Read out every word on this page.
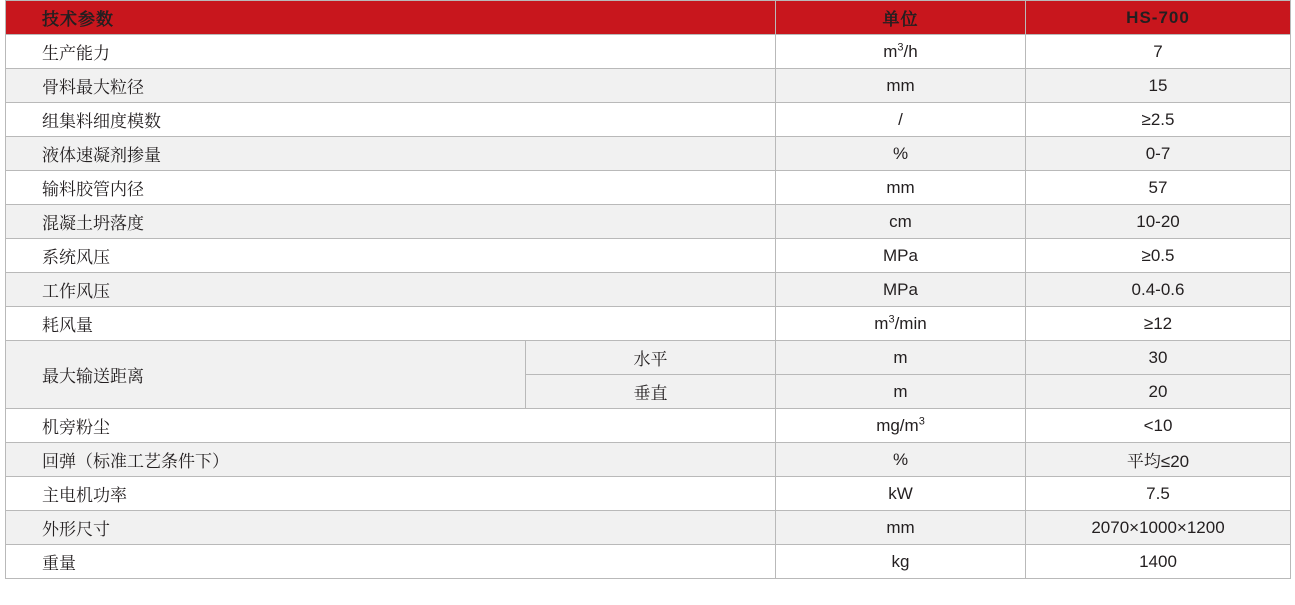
技术参数		单位	HS-700
生产能力		$m^3/h$	7
骨料最大粒径		mm	15
组集料细度模数		/	≥2.5
液体速凝剂掺量		%	0-7
输料胶管内径		mm	57
混凝土坍落度		cm	10-20
系统风压		MPa	≥0.5
工作风压		MPa	0.4-0.6
耗风量		$m^3/\min$	≥12
最大输送距离	水平	m	30
	垂直	m	20
机旁粉尘		$mg/m^3$	<10
回弹（标准工艺条件下）		%	平均≤20
主电机功率		kW	7.5
外形尺寸		mm	2070×1000×1200
重量		kg	1400
